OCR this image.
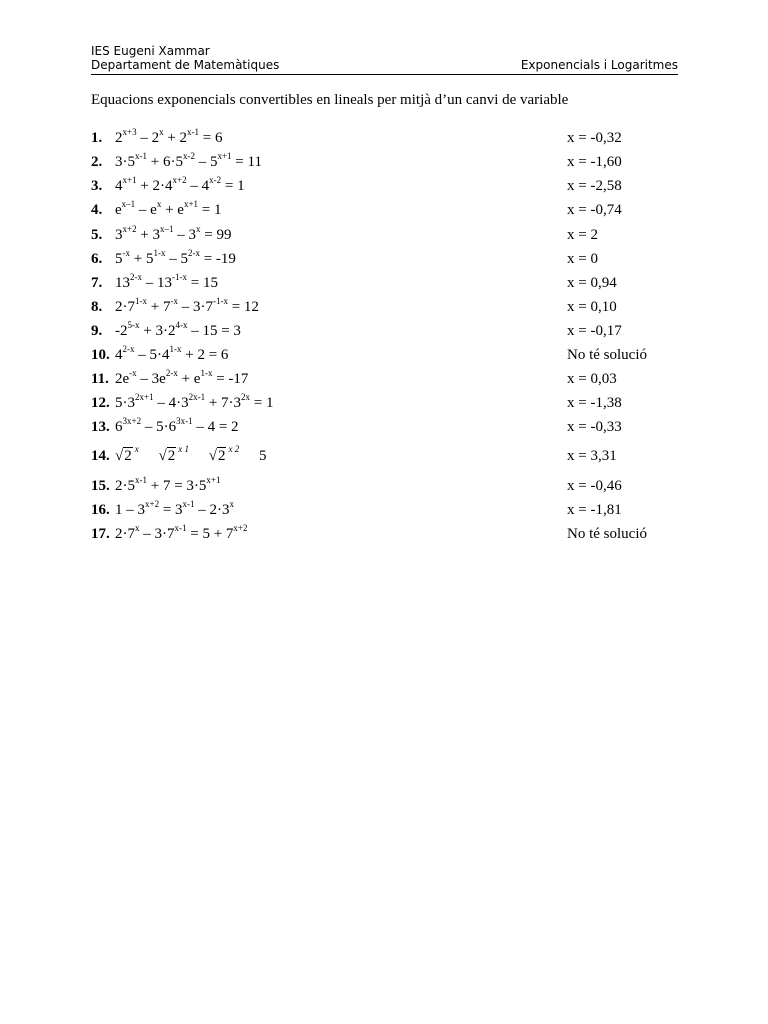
IES Eugeni Xammar
Departament de Matemàtiques	Exponencials i Logaritmes
Equacions exponencials convertibles en lineals per mitjà d’un canvi de variable
1. $2^{x+3} - 2^x + 2^{x-1} = 6$	x = -0,32
2. $3\cdot 5^{x-1} + 6\cdot 5^{x-2} - 5^{x+1} = 11$	x = -1,60
3. $4^{x+1} + 2\cdot 4^{x+2} - 4^{x-2} = 1$	x = -2,58
4. $e^{x-1} - e^x + e^{x+1} = 1$	x = -0,74
5. $3^{x+2} + 3^{x-1} - 3^x = 99$	x = 2
6. $5^{-x} + 5^{1-x} - 5^{2-x} = -19$	x = 0
7. $13^{2-x} - 13^{-1-x} = 15$	x = 0,94
8. $2\cdot 7^{1-x} + 7^{-x} - 3\cdot 7^{-1-x} = 12$	x = 0,10
9. $-2^{5-x} + 3\cdot 2^{4-x} - 15 = 3$	x = -0,17
10. $4^{2-x} - 5\cdot 4^{1-x} + 2 = 6$	No té solució
11. $2e^{-x} - 3e^{2-x} + e^{1-x} = -17$	x = 0,03
12. $5\cdot 3^{2x+1} - 4\cdot 3^{2x-1} + 7\cdot 3^{2x} = 1$	x = -1,38
13. $6^{3x+2} - 5\cdot 6^{3x-1} - 4 = 2$	x = -0,33
14. √2 $^x$ √2 $^{x 1}$ √2 $^{x 2}$ 5	x = 3,31
15. $2\cdot 5^{x-1} + 7 = 3\cdot 5^{x+1}$	x = -0,46
16. $1 - 3^{x+2} = 3^{x-1} - 2\cdot 3^x$	x = -1,81
17. $2\cdot 7^x - 3\cdot 7^{x-1} = 5 + 7^{x+2}$	No té solució
